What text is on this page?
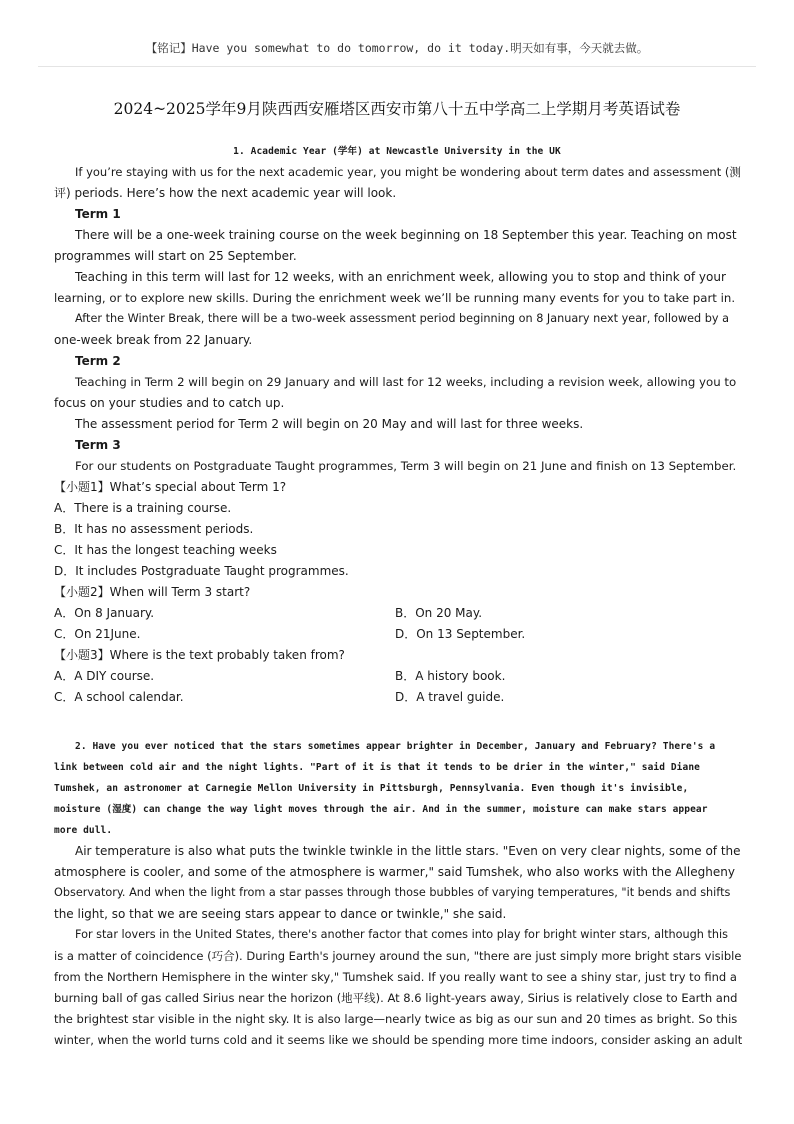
【铭记】Have you somewhat to do tomorrow, do it today.明天如有事，今天就去做。
2024~2025学年9月陕西西安雁塔区西安市第八十五中学高二上学期月考英语试卷
1. Academic Year (学年) at Newcastle University in the UK
If you’re staying with us for the next academic year, you might be wondering about term dates and assessment (测
评) periods. Here’s how the next academic year will look.
Term 1
There will be a one-week training course on the week beginning on 18 September this year. Teaching on most
programmes will start on 25 September.
Teaching in this term will last for 12 weeks, with an enrichment week, allowing you to stop and think of your
learning, or to explore new skills. During the enrichment week we’ll be running many events for you to take part in.
After the Winter Break, there will be a two-week assessment period beginning on 8 January next year, followed by a
one-week break from 22 January.
Term 2
Teaching in Term 2 will begin on 29 January and will last for 12 weeks, including a revision week, allowing you to
focus on your studies and to catch up.
The assessment period for Term 2 will begin on 20 May and will last for three weeks.
Term 3
For our students on Postgraduate Taught programmes, Term 3 will begin on 21 June and finish on 13 September.
【小题1】What’s special about Term 1?
A．There is a training course.
B．It has no assessment periods.
C．It has the longest teaching weeks
D．It includes Postgraduate Taught programmes.
【小题2】When will Term 3 start?
A．On 8 January.	B．On 20 May.
C．On 21June.	D．On 13 September.
【小题3】Where is the text probably taken from?
A．A DIY course.	B．A history book.
C．A school calendar.	D．A travel guide.
2. Have you ever noticed that the stars sometimes appear brighter in December, January and February? There's a
link between cold air and the night lights. "Part of it is that it tends to be drier in the winter," said Diane
Tumshek, an astronomer at Carnegie Mellon University in Pittsburgh, Pennsylvania. Even though it's invisible,
moisture (湿度) can change the way light moves through the air. And in the summer, moisture can make stars appear
more dull.
Air temperature is also what puts the twinkle twinkle in the little stars. "Even on very clear nights, some of the
atmosphere is cooler, and some of the atmosphere is warmer," said Tumshek, who also works with the Allegheny
Observatory. And when the light from a star passes through those bubbles of varying temperatures, "it bends and shifts
the light, so that we are seeing stars appear to dance or twinkle," she said.
For star lovers in the United States, there's another factor that comes into play for bright winter stars, although this
is a matter of coincidence (巧合). During Earth's journey around the sun, "there are just simply more bright stars visible
from the Northern Hemisphere in the winter sky," Tumshek said. If you really want to see a shiny star, just try to find a
burning ball of gas called Sirius near the horizon (地平线). At 8.6 light-years away, Sirius is relatively close to Earth and
the brightest star visible in the night sky. It is also large—nearly twice as big as our sun and 20 times as bright. So this
winter, when the world turns cold and it seems like we should be spending more time indoors, consider asking an adult
